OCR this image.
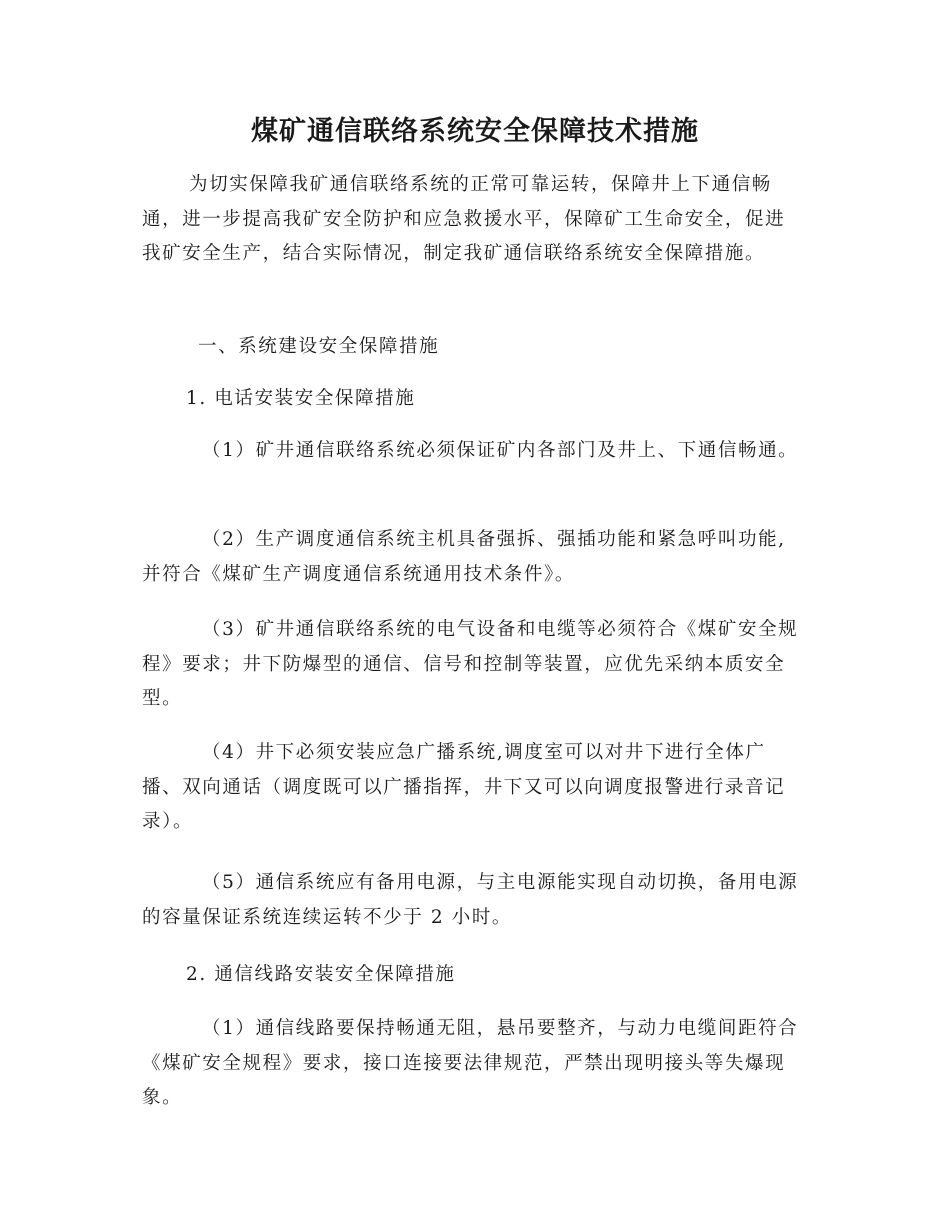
煤矿通信联络系统安全保障技术措施

为切实保障我矿通信联络系统的正常可靠运转，保障井上下通信畅通，进一步提高我矿安全防护和应急救援水平，保障矿工生命安全，促进我矿安全生产，结合实际情况，制定我矿通信联络系统安全保障措施。

一、系统建设安全保障措施

1. 电话安装安全保障措施

（1）矿井通信联络系统必须保证矿内各部门及井上、下通信畅通。

（2）生产调度通信系统主机具备强拆、强插功能和紧急呼叫功能,并符合《煤矿生产调度通信系统通用技术条件》。

（3）矿井通信联络系统的电气设备和电缆等必须符合《煤矿安全规程》要求；井下防爆型的通信、信号和控制等装置，应优先采纳本质安全型。

（4）井下必须安装应急广播系统,调度室可以对井下进行全体广播、双向通话（调度既可以广播指挥，井下又可以向调度报警进行录音记录）。

（5）通信系统应有备用电源，与主电源能实现自动切换，备用电源的容量保证系统连续运转不少于 2 小时。

2. 通信线路安装安全保障措施

（1）通信线路要保持畅通无阻，悬吊要整齐，与动力电缆间距符合《煤矿安全规程》要求，接口连接要法律规范，严禁出现明接头等失爆现象。
